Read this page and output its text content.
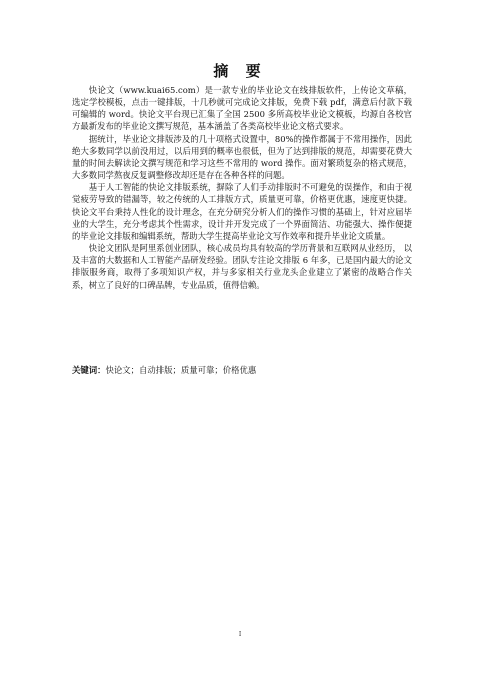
摘 要

快论文（www.kuai65.com）是一款专业的毕业论文在线排版软件，上传论文草稿，选定学校模板，点击一键排版，十几秒就可完成论文排版，免费下载 pdf，满意后付款下载可编辑的 word。快论文平台现已汇集了全国 2500 多所高校毕业论文模板，均源自各校官方最新发布的毕业论文撰写规范，基本涵盖了各类高校毕业论文格式要求。

据统计，毕业论文排版涉及的几十项格式设置中，80%的操作都属于不常用操作，因此绝大多数同学以前没用过，以后用到的概率也很低，但为了达到排版的规范，却需要花费大量的时间去解读论文撰写规范和学习这些不常用的 word 操作。面对繁琐复杂的格式规范，大多数同学熬夜反复调整修改却还是存在各种各样的问题。

基于人工智能的快论文排版系统，摒除了人们手动排版时不可避免的误操作，和由于视觉疲劳导致的错漏等，较之传统的人工排版方式，质量更可靠，价格更优惠，速度更快捷。快论文平台秉持人性化的设计理念，在充分研究分析人们的操作习惯的基础上，针对应届毕业的大学生，充分考虑其个性需求，设计并开发完成了一个界面简洁、功能强大、操作便捷的毕业论文排版和编辑系统，帮助大学生提高毕业论文写作效率和提升毕业论文质量。

快论文团队是阿里系创业团队，核心成员均具有较高的学历背景和互联网从业经历， 以及丰富的大数据和人工智能产品研发经验。团队专注论文排版 6 年多，已是国内最大的论文排版服务商，取得了多项知识产权，并与多家相关行业龙头企业建立了紧密的战略合作关系，树立了良好的口碑品牌，专业品质，值得信赖。

关键词：快论文；自动排版；质量可靠；价格优惠
I
